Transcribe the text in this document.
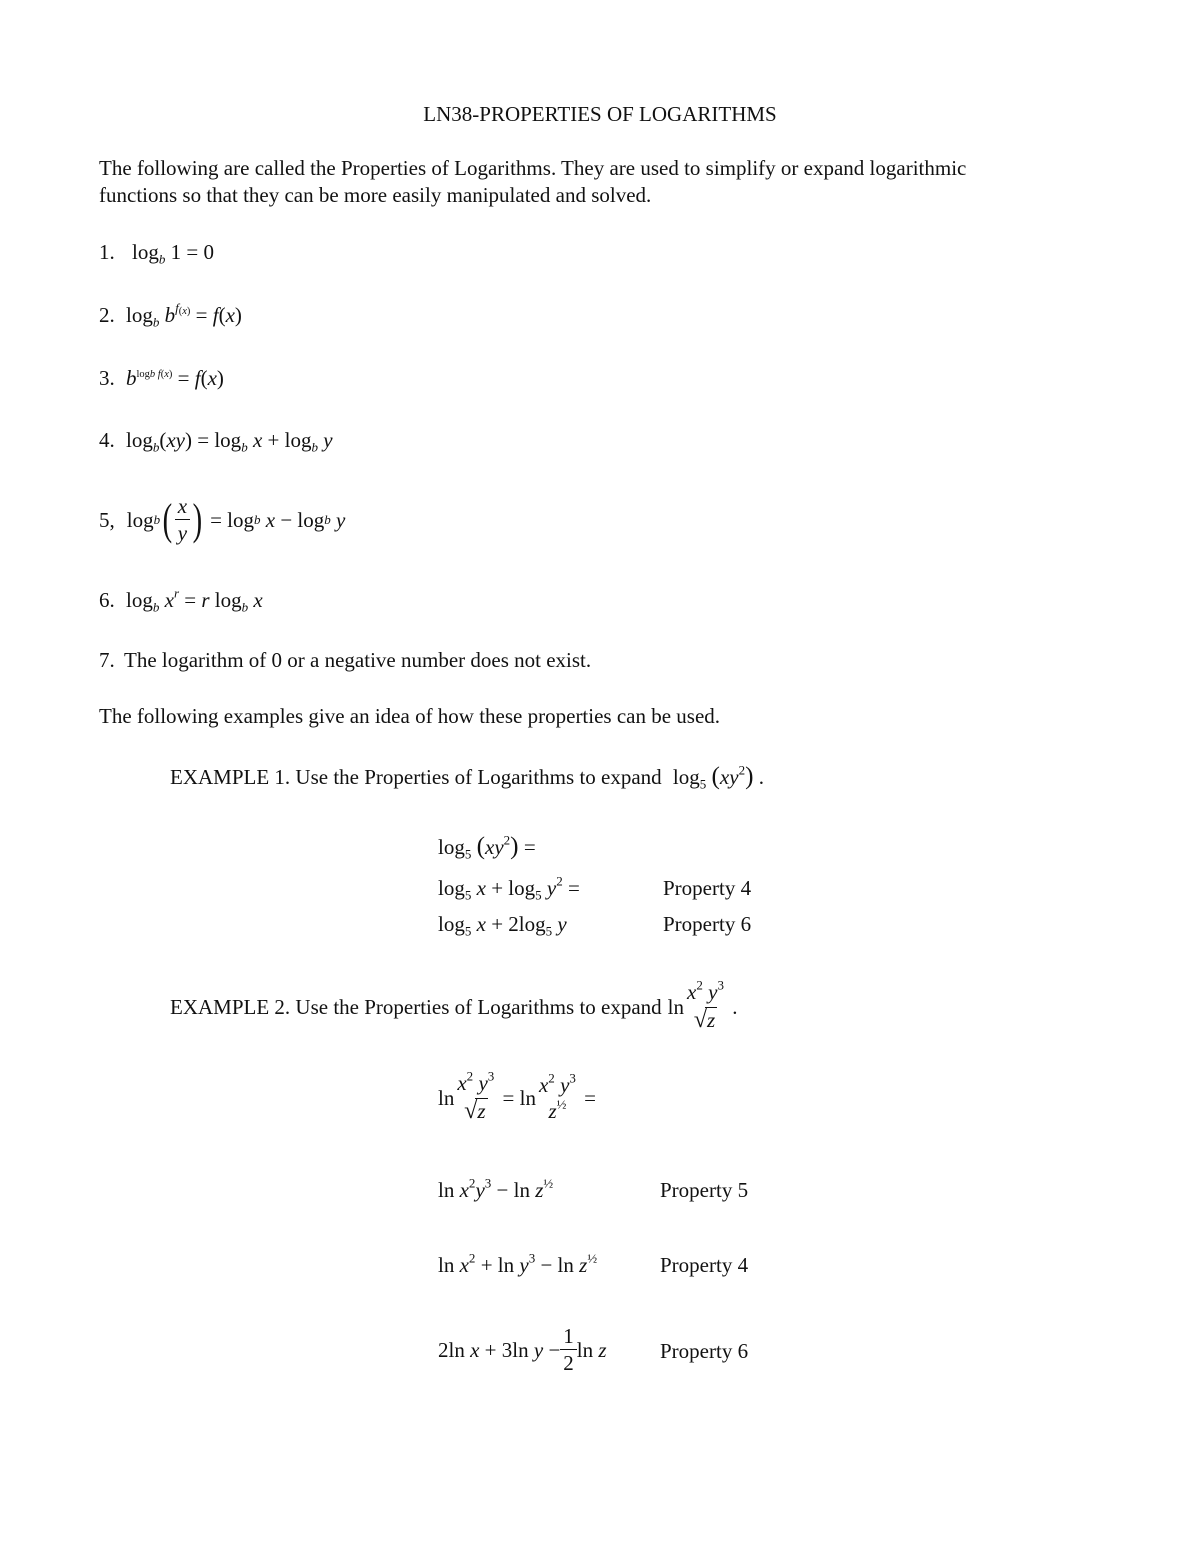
LN38-PROPERTIES OF LOGARITHMS
The following are called the Properties of Logarithms. They are used to simplify or expand logarithmic
functions so that they can be more easily manipulated and solved.
1. $\log_b 1 = 0$
2. $\log_b b^{f(x)} = f(x)$
3. $b^{logb f(x)} = f(x)$
4. $\log_b(xy) = \log_b x + \log_b y$
5, log b ( $\frac{x}{y}$ ) = log b
x − log b
y
6. $\log_b x^r = r$ $\log_b x$
7. The logarithm of 0 or a negative number does not exist.
The following examples give an idea of how these properties can be used.
EXAMPLE 1. Use the Properties of Logarithms to expand $\log_5 (xy^2)$ .
$\log_5 (xy^2)$ =
$\log_5 x + \log_5 y^2$ =	Property 4
$\log_5 x + 2\log_5$ y	Property 6
EXAMPLE 2. Use the Properties of Logarithms to expand ln
$x^2$ $y^3$
√z
.
ln
$x^2$ $y^3$
√z
= ln
$x^2$ $y^3$
$z^{\frac{1}{2}}$ =
$\ln x^2y^3 - \ln z^{\frac{1}{2}}$	Property 5
$\ln x^2 + \ln y^3 - \ln z^{\frac{1}{2}}$	Property 4
2ln x + 3ln $y - \frac{1}{2}$ ln z	Property 6
